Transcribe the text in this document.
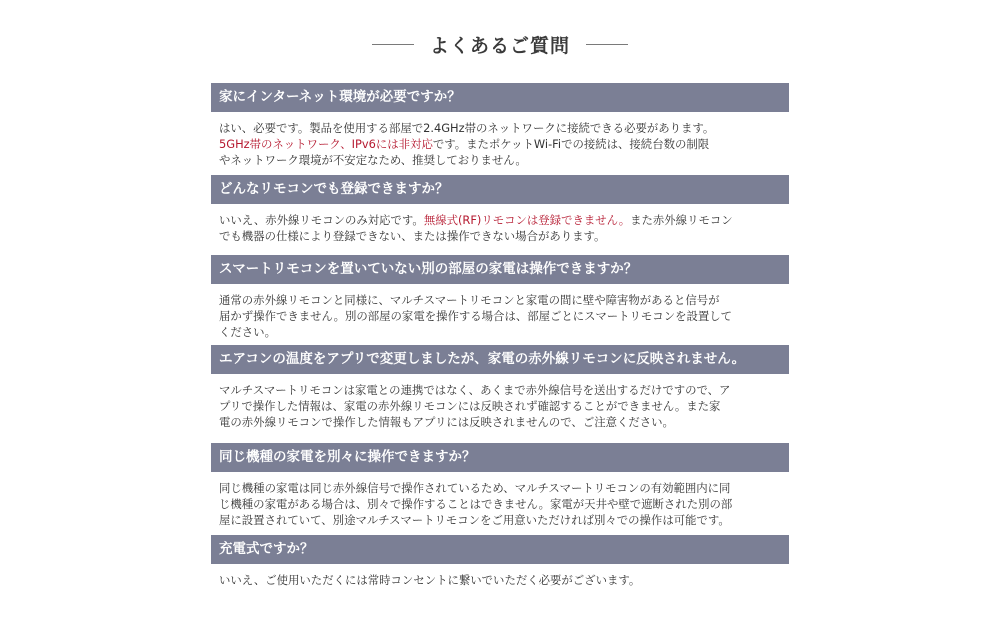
よくあるご質問
家にインターネット環境が必要ですか？
はい、必要です。製品を使用する部屋で2.4GHz帯のネットワークに接続できる必要があります。
5GHz帯のネットワーク、IPv6には非対応です。またポケットWi-Fiでの接続は、接続台数の制限
やネットワーク環境が不安定なため、推奨しておりません。
どんなリモコンでも登録できますか？
いいえ、赤外線リモコンのみ対応です。無線式(RF)リモコンは登録できません。また赤外線リモコン
でも機器の仕様により登録できない、または操作できない場合があります。
スマートリモコンを置いていない別の部屋の家電は操作できますか？
通常の赤外線リモコンと同様に、マルチスマートリモコンと家電の間に壁や障害物があると信号が
届かず操作できません。別の部屋の家電を操作する場合は、部屋ごとにスマートリモコンを設置して
ください。
エアコンの温度をアプリで変更しましたが、家電の赤外線リモコンに反映されません。
マルチスマートリモコンは家電との連携ではなく、あくまで赤外線信号を送出するだけですので、ア
プリで操作した情報は、家電の赤外線リモコンには反映されず確認することができません。また家
電の赤外線リモコンで操作した情報もアプリには反映されませんので、ご注意ください。
同じ機種の家電を別々に操作できますか？
同じ機種の家電は同じ赤外線信号で操作されているため、マルチスマートリモコンの有効範囲内に同
じ機種の家電がある場合は、別々で操作することはできません。家電が天井や壁で遮断された別の部
屋に設置されていて、別途マルチスマートリモコンをご用意いただければ別々での操作は可能です。
充電式ですか？
いいえ、ご使用いただくには常時コンセントに繋いでいただく必要がございます。
